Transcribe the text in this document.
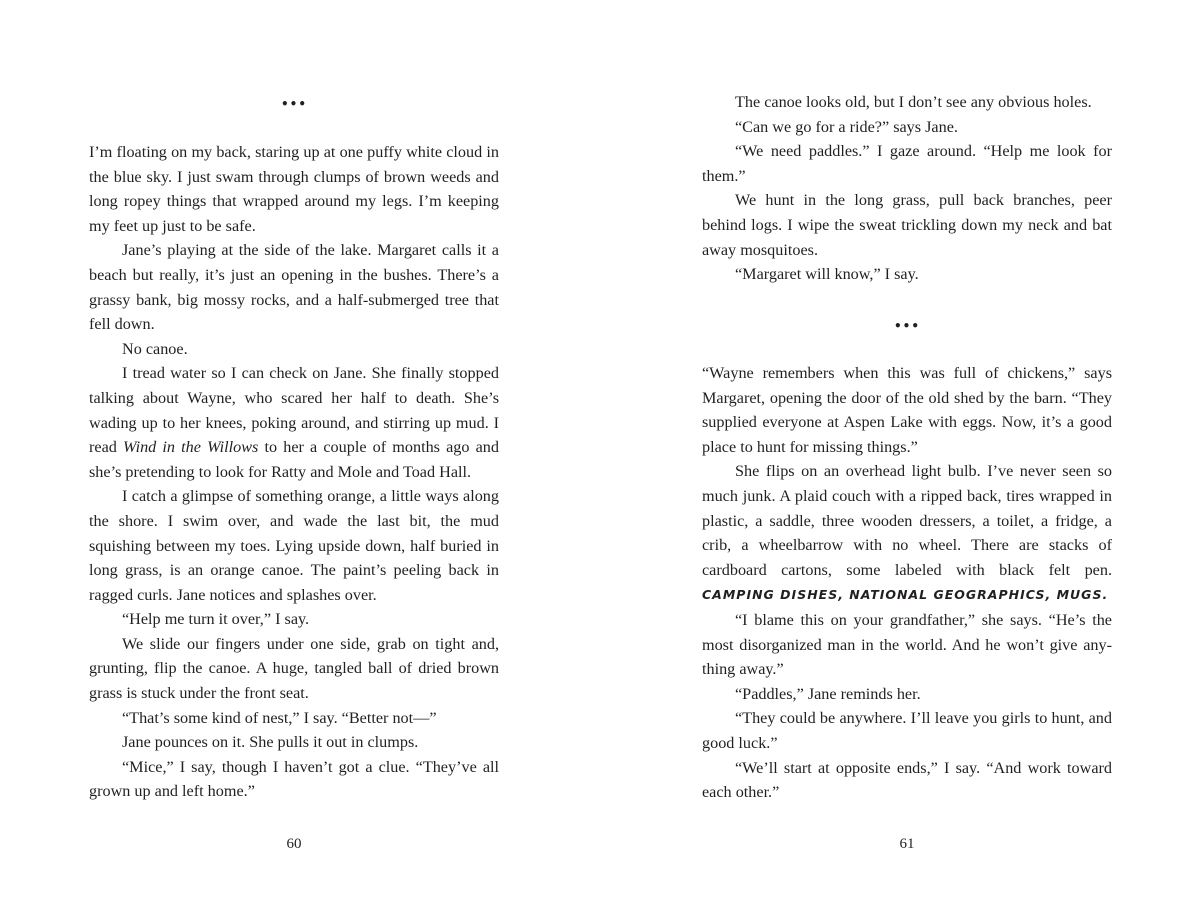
•••

I’m floating on my back, staring up at one puffy white cloud in the blue sky. I just swam through clumps of brown weeds and long ropey things that wrapped around my legs. I’m keeping my feet up just to be safe.

Jane’s playing at the side of the lake. Margaret calls it a beach but really, it’s just an opening in the bushes. There’s a grassy bank, big mossy rocks, and a half-submerged tree that fell down.

No canoe.

I tread water so I can check on Jane. She finally stopped talking about Wayne, who scared her half to death. She’s wading up to her knees, poking around, and stirring up mud. I read Wind in the Willows to her a couple of months ago and she’s pretending to look for Ratty and Mole and Toad Hall.

I catch a glimpse of something orange, a little ways along the shore. I swim over, and wade the last bit, the mud squishing between my toes. Lying upside down, half buried in long grass, is an orange canoe. The paint’s peeling back in ragged curls. Jane notices and splashes over.

“Help me turn it over,” I say.

We slide our fingers under one side, grab on tight and, grunting, flip the canoe. A huge, tangled ball of dried brown grass is stuck under the front seat.

“That’s some kind of nest,” I say. “Better not—”

Jane pounces on it. She pulls it out in clumps.

“Mice,” I say, though I haven’t got a clue. “They’ve all grown up and left home.”

60

The canoe looks old, but I don’t see any obvious holes.

“Can we go for a ride?” says Jane.

“We need paddles.” I gaze around. “Help me look for them.”

We hunt in the long grass, pull back branches, peer behind logs. I wipe the sweat trickling down my neck and bat away mosquitoes.

“Margaret will know,” I say.

•••

“Wayne remembers when this was full of chickens,” says Margaret, opening the door of the old shed by the barn. “They supplied everyone at Aspen Lake with eggs. Now, it’s a good place to hunt for missing things.”

She flips on an overhead light bulb. I’ve never seen so much junk. A plaid couch with a ripped back, tires wrapped in plastic, a saddle, three wooden dressers, a toilet, a fridge, a crib, a wheelbarrow with no wheel. There are stacks of cardboard cartons, some labeled with black felt pen. CAMPING DISHES, NATIONAL GEOGRAPHICS, MUGS.

“I blame this on your grandfather,” she says. “He’s the most disorganized man in the world. And he won’t give any-thing away.”

“Paddles,” Jane reminds her.

“They could be anywhere. I’ll leave you girls to hunt, and good luck.”

“We’ll start at opposite ends,” I say. “And work toward each other.”

61
